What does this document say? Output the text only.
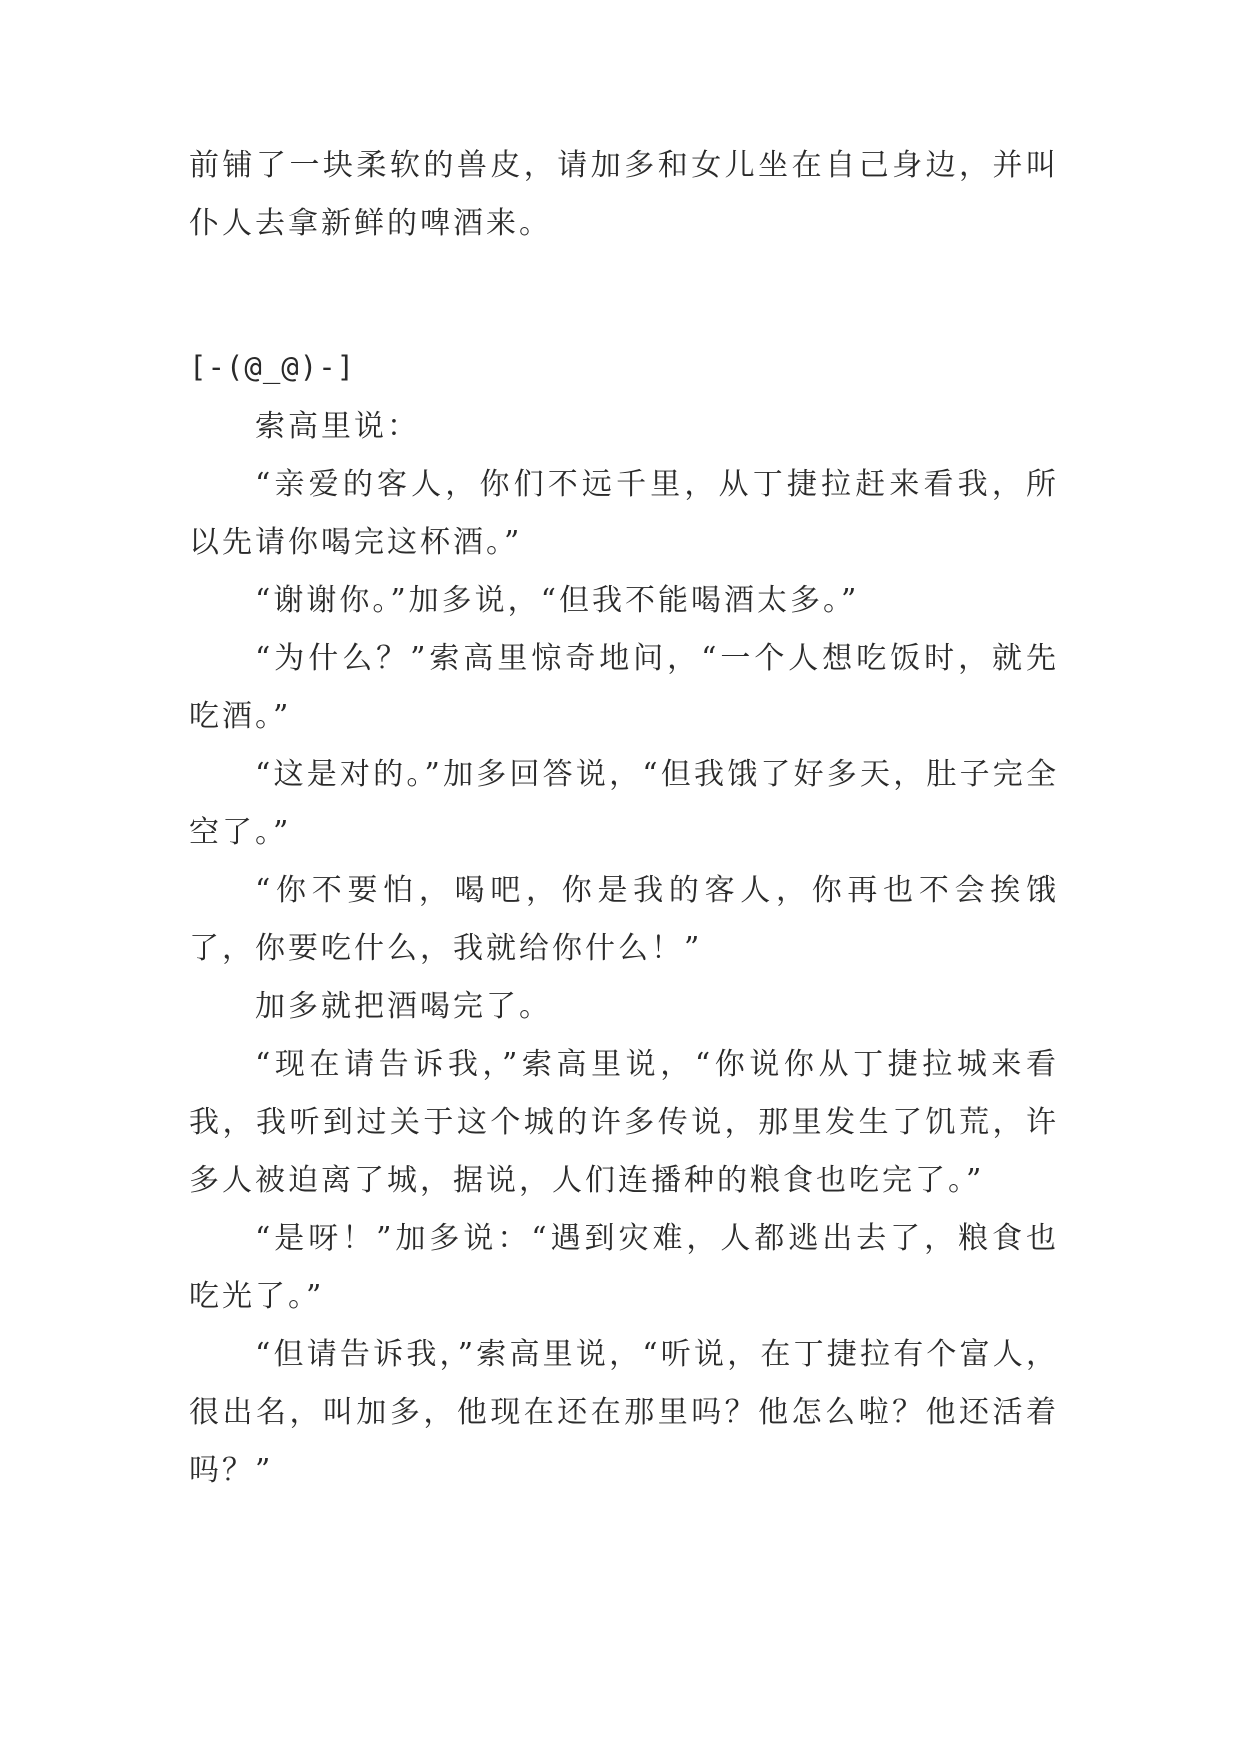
前铺了一块柔软的兽皮，请加多和女儿坐在自己身边，并叫仆人去拿新鲜的啤酒来。

[-(@_@)-]

索高里说：

“亲爱的客人，你们不远千里，从丁捷拉赶来看我，所以先请你喝完这杯酒。”

“谢谢你。”加多说，“但我不能喝酒太多。”

“为什么？”索高里惊奇地问，“一个人想吃饭时，就先吃酒。”

“这是对的。”加多回答说，“但我饿了好多天，肚子完全空了。”

“你不要怕，喝吧，你是我的客人，你再也不会挨饿了，你要吃什么，我就给你什么！”

加多就把酒喝完了。

“现在请告诉我，”索高里说，“你说你从丁捷拉城来看我，我听到过关于这个城的许多传说，那里发生了饥荒，许多人被迫离了城，据说，人们连播种的粮食也吃完了。”

“是呀！”加多说：“遇到灾难，人都逃出去了，粮食也吃光了。”

“但请告诉我，”索高里说，“听说，在丁捷拉有个富人，很出名，叫加多，他现在还在那里吗？他怎么啦？他还活着吗？”
